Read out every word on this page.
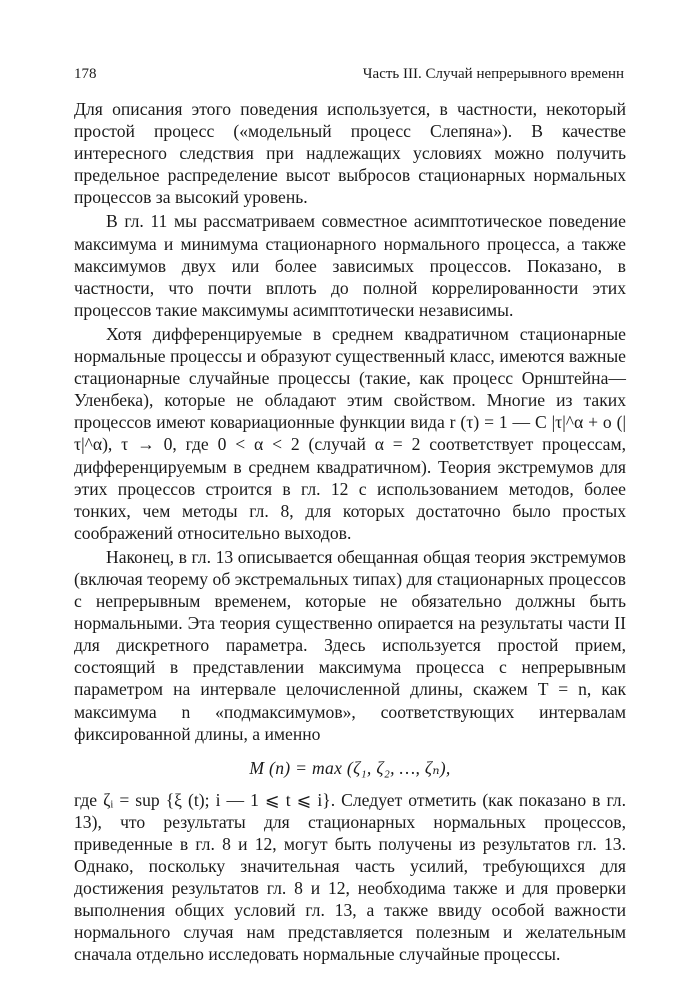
178	Часть III. Случай непрерывного временн

Для описания этого поведения используется, в частности, некоторый простой процесс («модельный процесс Слепяна»). В качестве интересного следствия при надлежащих условиях можно получить предельное распределение высот выбросов стационарных нормальных процессов за высокий уровень.

В гл. 11 мы рассматриваем совместное асимптотическое поведение максимума и минимума стационарного нормального процесса, а также максимумов двух или более зависимых процессов. Показано, в частности, что почти вплоть до полной коррелированности этих процессов такие максимумы асимптотически независимы.

Хотя дифференцируемые в среднем квадратичном стационарные нормальные процессы и образуют существенный класс, имеются важные стационарные случайные процессы (такие, как процесс Орнштейна—Уленбека), которые не обладают этим свойством. Многие из таких процессов имеют ковариационные функции вида r (τ) = 1 — C |τ|^α + o (|τ|^α), τ → 0, где 0 < α < 2 (случай α = 2 соответствует процессам, дифференцируемым в среднем квадратичном). Теория экстремумов для этих процессов строится в гл. 12 с использованием методов, более тонких, чем методы гл. 8, для которых достаточно было простых соображений относительно выходов.

Наконец, в гл. 13 описывается обещанная общая теория экстремумов (включая теорему об экстремальных типах) для стационарных процессов с непрерывным временем, которые не обязательно должны быть нормальными. Эта теория существенно опирается на результаты части II для дискретного параметра. Здесь используется простой прием, состоящий в представлении максимума процесса с непрерывным параметром на интервале целочисленной длины, скажем T = n, как максимума n «подмаксимумов», соответствующих интервалам фиксированной длины, а именно

M (n) = max (ζ₁, ζ₂, …, ζₙ),

где ζᵢ = sup {ξ (t); i — 1 ⩽ t ⩽ i}. Следует отметить (как показано в гл. 13), что результаты для стационарных нормальных процессов, приведенные в гл. 8 и 12, могут быть получены из результатов гл. 13. Однако, поскольку значительная часть усилий, требующихся для достижения результатов гл. 8 и 12, необходима также и для проверки выполнения общих условий гл. 13, а также ввиду особой важности нормального случая нам представляется полезным и желательным сначала отдельно исследовать нормальные случайные процессы.
